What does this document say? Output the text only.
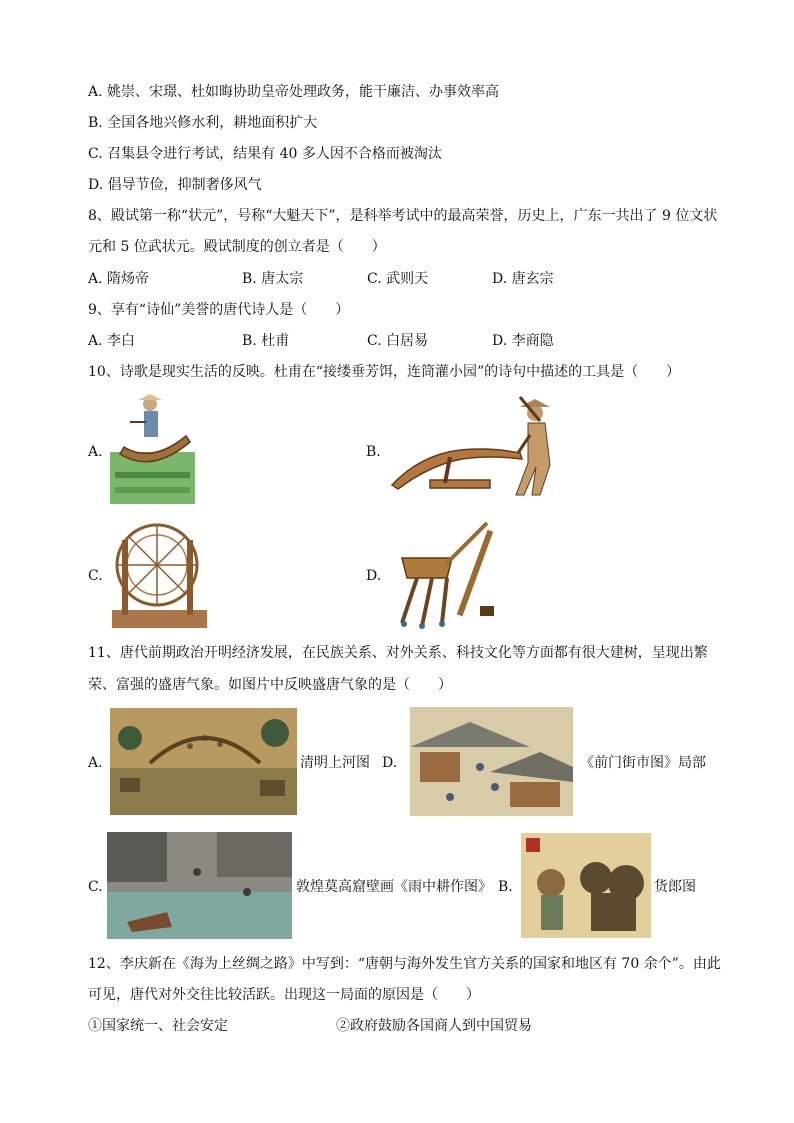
A. 姚崇、宋璟、杜如晦协助皇帝处理政务，能干廉洁、办事效率高
B. 全国各地兴修水利，耕地面积扩大
C. 召集县令进行考试，结果有 40 多人因不合格而被淘汰
D. 倡导节俭，抑制奢侈风气
8、殿试第一称“状元”，号称“大魁天下”，是科举考试中的最高荣誉，历史上，广东一共出了 9 位文状
元和 5 位武状元。殿试制度的创立者是（　　）
A. 隋炀帝	B. 唐太宗	C. 武则天	D. 唐玄宗
9、享有“诗仙”美誉的唐代诗人是（　　）
A. 李白	B. 杜甫	C. 白居易	D. 李商隐
10、诗歌是现实生活的反映。杜甫在“接缕垂芳饵，连筒灌小园”的诗句中描述的工具是（　　）
A.	B.
C.	D.
11、唐代前期政治开明经济发展，在民族关系、对外关系、科技文化等方面都有很大建树，呈现出繁
荣、富强的盛唐气象。如图片中反映盛唐气象的是（　　）
A.	清明上河图 D.	《前门街市图》局部
C.	敦煌莫高窟壁画《雨中耕作图》 B.	货郎图
12、李庆新在《海为上丝绸之路》中写到：“唐朝与海外发生官方关系的国家和地区有 70 余个”。由此
可见，唐代对外交往比较活跃。出现这一局面的原因是（　　）
①国家统一、社会安定	②政府鼓励各国商人到中国贸易
